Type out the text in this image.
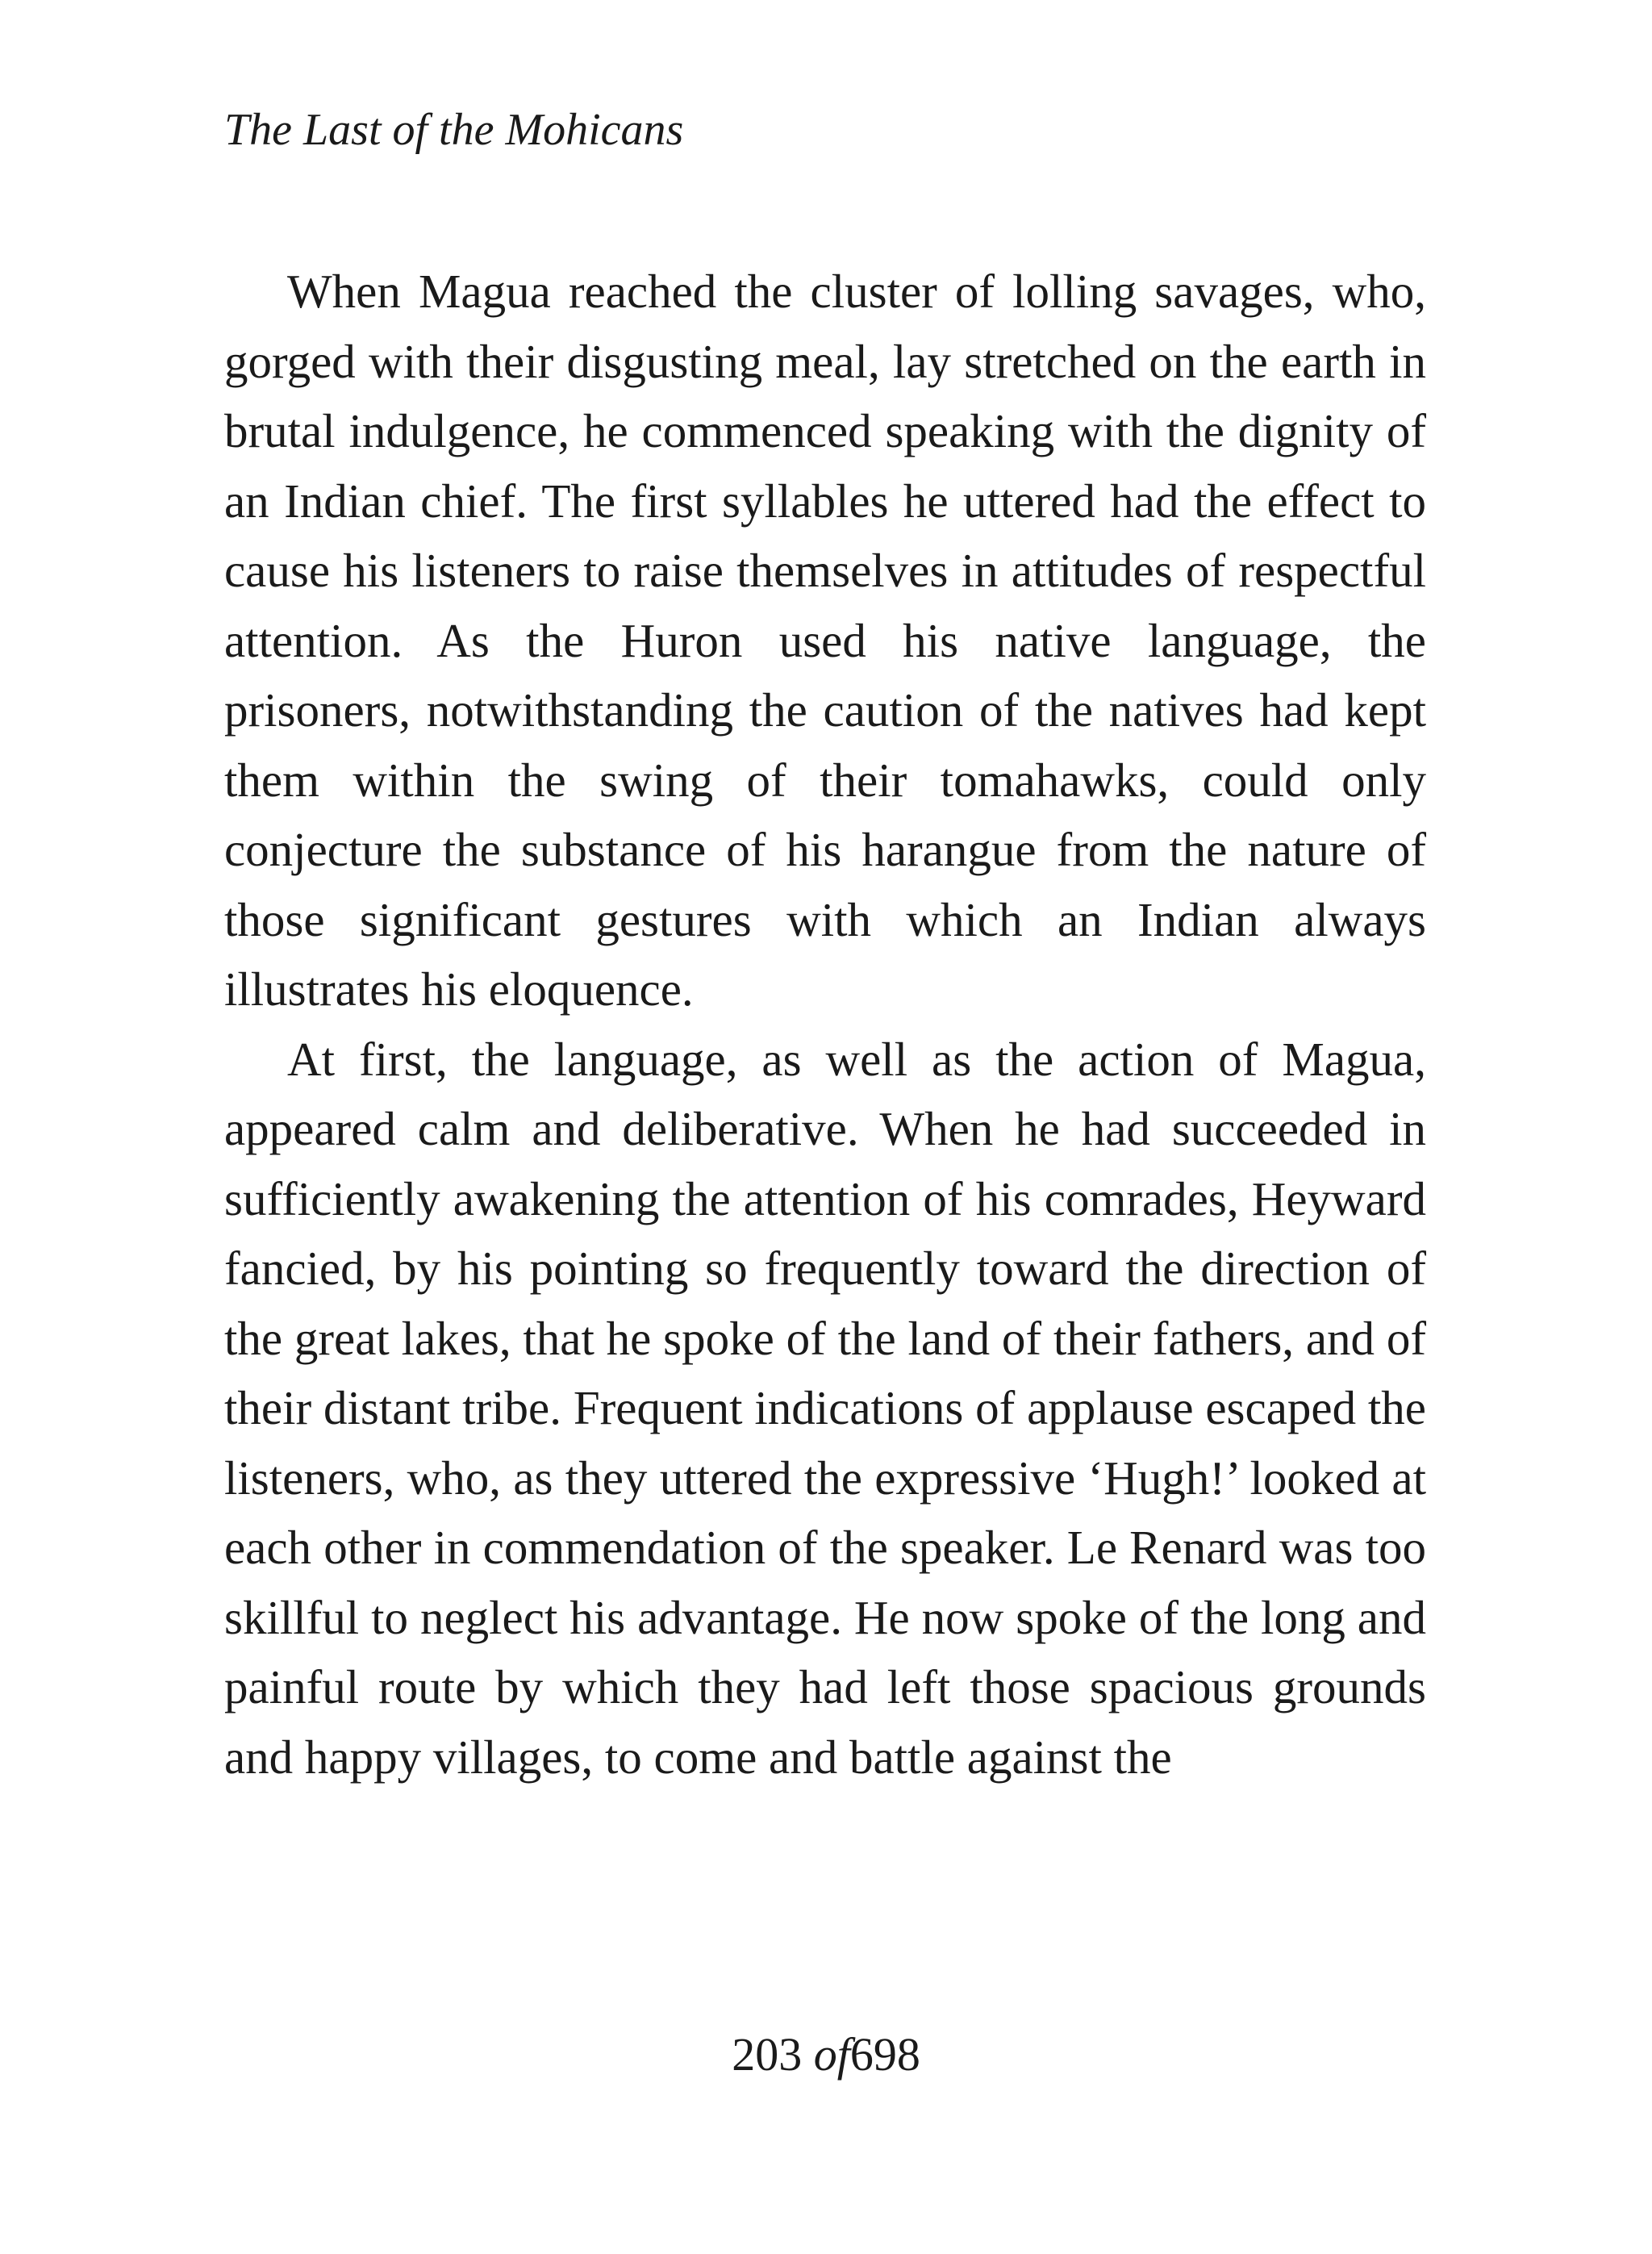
The Last of the Mohicans

When Magua reached the cluster of lolling savages, who, gorged with their disgusting meal, lay stretched on the earth in brutal indulgence, he commenced speaking with the dignity of an Indian chief. The first syllables he uttered had the effect to cause his listeners to raise themselves in attitudes of respectful attention. As the Huron used his native language, the prisoners, notwithstanding the caution of the natives had kept them within the swing of their tomahawks, could only conjecture the substance of his harangue from the nature of those significant gestures with which an Indian always illustrates his eloquence.

At first, the language, as well as the action of Magua, appeared calm and deliberative. When he had succeeded in sufficiently awakening the attention of his comrades, Heyward fancied, by his pointing so frequently toward the direction of the great lakes, that he spoke of the land of their fathers, and of their distant tribe. Frequent indications of applause escaped the listeners, who, as they uttered the expressive ‘Hugh!’ looked at each other in commendation of the speaker. Le Renard was too skillful to neglect his advantage. He now spoke of the long and painful route by which they had left those spacious grounds and happy villages, to come and battle against the

203 of698
